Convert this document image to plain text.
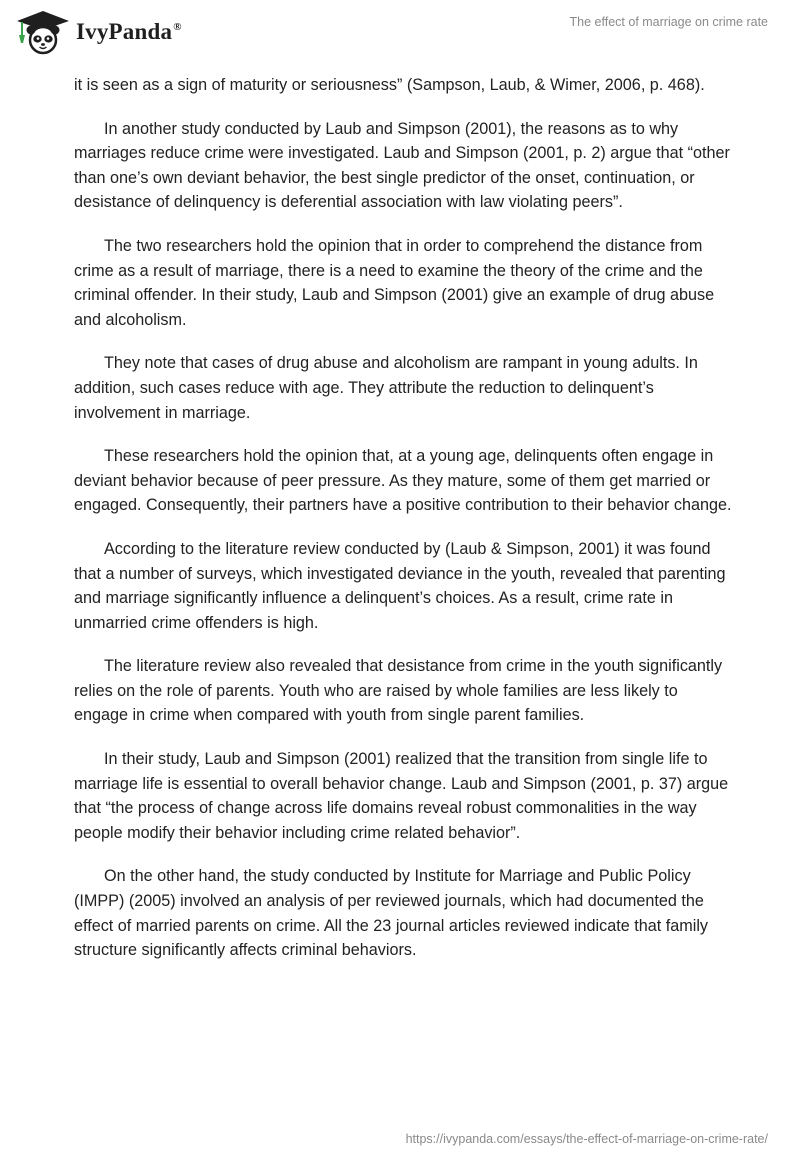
IvyPanda®	The effect of marriage on crime rate

it is seen as a sign of maturity or seriousness” (Sampson, Laub, & Wimer, 2006, p. 468).

In another study conducted by Laub and Simpson (2001), the reasons as to why marriages reduce crime were investigated. Laub and Simpson (2001, p. 2) argue that “other than one’s own deviant behavior, the best single predictor of the onset, continuation, or desistance of delinquency is deferential association with law violating peers”.

The two researchers hold the opinion that in order to comprehend the distance from crime as a result of marriage, there is a need to examine the theory of the crime and the criminal offender. In their study, Laub and Simpson (2001) give an example of drug abuse and alcoholism.

They note that cases of drug abuse and alcoholism are rampant in young adults. In addition, such cases reduce with age. They attribute the reduction to delinquent’s involvement in marriage.

These researchers hold the opinion that, at a young age, delinquents often engage in deviant behavior because of peer pressure. As they mature, some of them get married or engaged. Consequently, their partners have a positive contribution to their behavior change.

According to the literature review conducted by (Laub & Simpson, 2001) it was found that a number of surveys, which investigated deviance in the youth, revealed that parenting and marriage significantly influence a delinquent’s choices. As a result, crime rate in unmarried crime offenders is high.

The literature review also revealed that desistance from crime in the youth significantly relies on the role of parents. Youth who are raised by whole families are less likely to engage in crime when compared with youth from single parent families.

In their study, Laub and Simpson (2001) realized that the transition from single life to marriage life is essential to overall behavior change. Laub and Simpson (2001, p. 37) argue that “the process of change across life domains reveal robust commonalities in the way people modify their behavior including crime related behavior”.

On the other hand, the study conducted by Institute for Marriage and Public Policy (IMPP) (2005) involved an analysis of per reviewed journals, which had documented the effect of married parents on crime. All the 23 journal articles reviewed indicate that family structure significantly affects criminal behaviors.

https://ivypanda.com/essays/the-effect-of-marriage-on-crime-rate/
